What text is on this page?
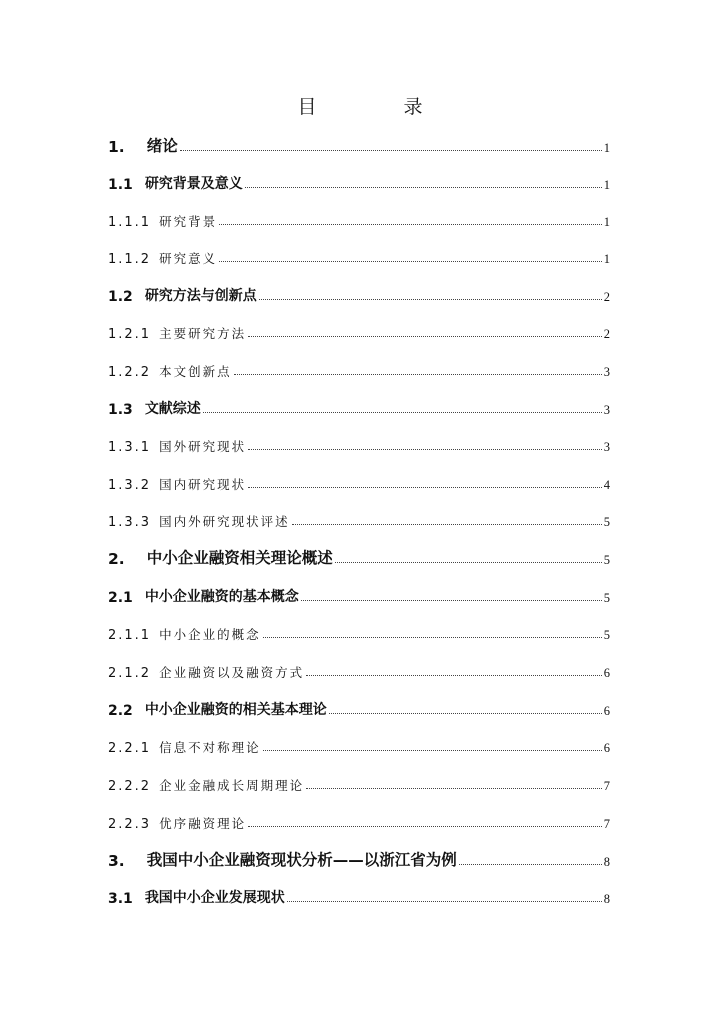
目　录
1. 绪论	1
1.1 研究背景及意义	1
1.1.1 研究背景	1
1.1.2 研究意义	1
1.2 研究方法与创新点	2
1.2.1 主要研究方法	2
1.2.2 本文创新点	3
1.3 文献综述	3
1.3.1 国外研究现状	3
1.3.2 国内研究现状	4
1.3.3 国内外研究现状评述	5
2. 中小企业融资相关理论概述	5
2.1 中小企业融资的基本概念	5
2.1.1 中小企业的概念	5
2.1.2 企业融资以及融资方式	6
2.2 中小企业融资的相关基本理论	6
2.2.1 信息不对称理论	6
2.2.2 企业金融成长周期理论	7
2.2.3 优序融资理论	7
3. 我国中小企业融资现状分析——以浙江省为例	8
3.1 我国中小企业发展现状	8
